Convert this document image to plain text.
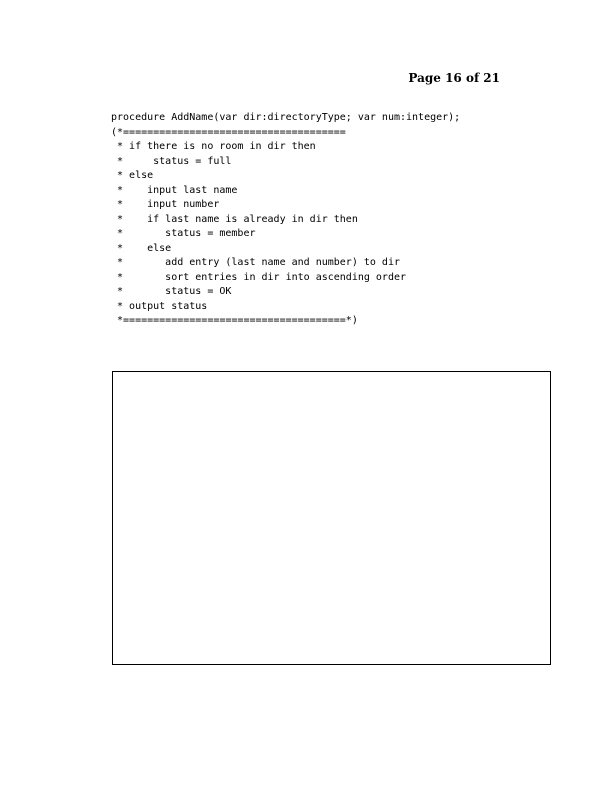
Page 16 of 21
procedure AddName(var dir:directoryType; var num:integer);
(*=====================================
* if there is no room in dir then
*     status = full
* else
*    input last name
*    input number
*    if last name is already in dir then
*       status = member
*    else
*       add entry (last name and number) to dir
*       sort entries in dir into ascending order
*       status = OK
* output status
*=====================================*)
